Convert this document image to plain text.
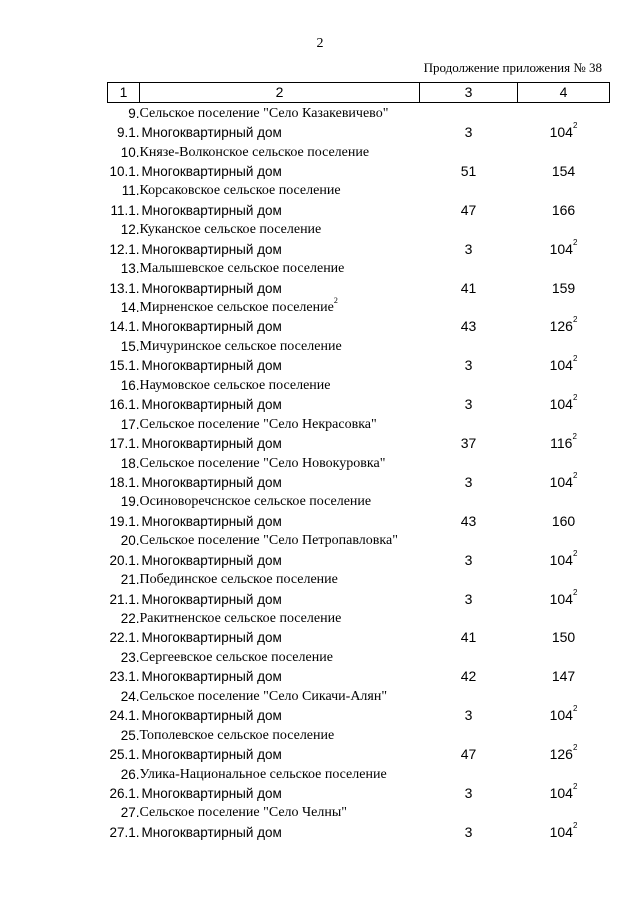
2
Продолжение приложения № 38
1	2	3	4
9.	Сельское поселение "Село Казакевичево"		
9.1.	Многоквартирный дом	3	$104^2$
10.	Князе-Волконское сельское поселение		
10.1.	Многоквартирный дом	51	154
11.	Корсаковское сельское поселение		
11.1.	Многоквартирный дом	47	166
12.	Куканское сельское поселение		
12.1.	Многоквартирный дом	3	$104^2$
13.	Малышевское сельское поселение		
13.1.	Многоквартирный дом	41	159
14.	Мирненское сельское поселение$^2$		
14.1.	Многоквартирный дом	43	$126^2$
15.	Мичуринское сельское поселение		
15.1.	Многоквартирный дом	3	$104^2$
16.	Наумовское сельское поселение		
16.1.	Многоквартирный дом	3	$104^2$
17.	Сельское поселение "Село Некрасовка"		
17.1.	Многоквартирный дом	37	$116^2$
18.	Сельское поселение "Село Новокуровка"		
18.1.	Многоквартирный дом	3	$104^2$
19.	Осиноворечснское сельское поселение		
19.1.	Многоквартирный дом	43	160
20.	Сельское поселение "Село Петропавловка"		
20.1.	Многоквартирный дом	3	$104^2$
21.	Побединское сельское поселение		
21.1.	Многоквартирный дом	3	$104^2$
22.	Ракитненское сельское поселение		
22.1.	Многоквартирный дом	41	150
23.	Сергеевское сельское поселение		
23.1.	Многоквартирный дом	42	147
24.	Сельское поселение "Село Сикачи-Алян"		
24.1.	Многоквартирный дом	3	$104^2$
25.	Тополевское сельское поселение		
25.1.	Многоквартирный дом	47	$126^2$
26.	Улика-Национальное сельское поселение		
26.1.	Многоквартирный дом	3	$104^2$
27.	Сельское поселение "Село Челны"		
27.1.	Многоквартирный дом	3	$104^2$
